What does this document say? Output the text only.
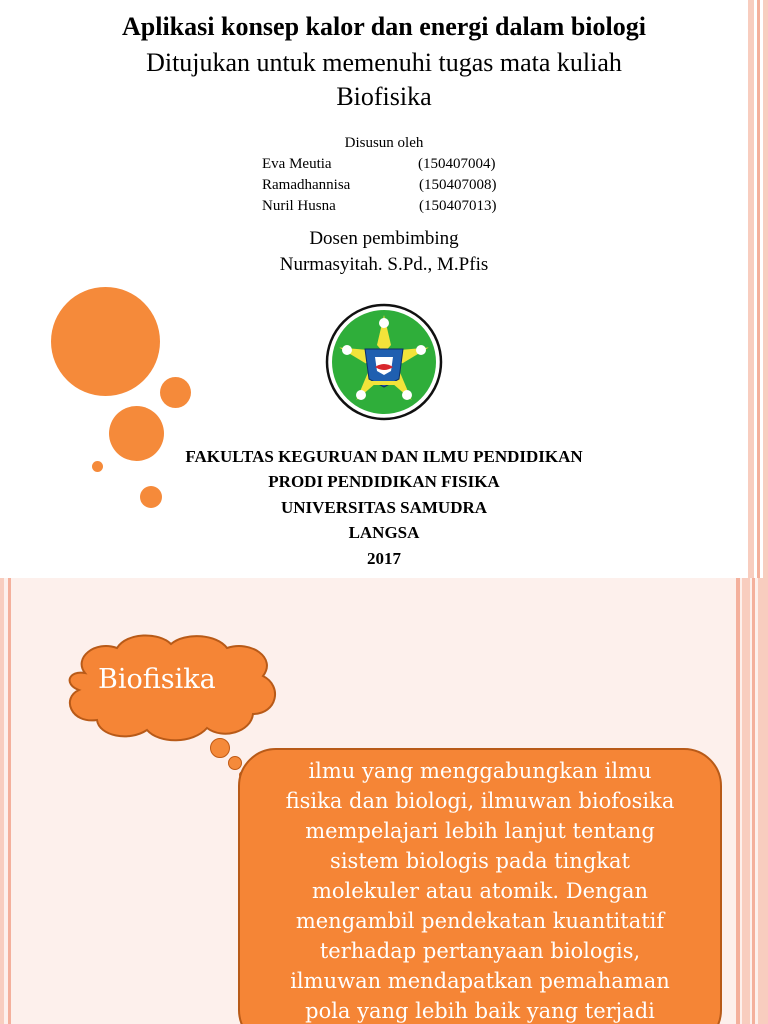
Aplikasi konsep kalor dan energi dalam biologi
Ditujukan untuk memenuhi tugas mata kuliah
Biofisika
Disusun oleh
Eva Meutia	(150407004)
Ramadhannisa	(150407008)
Nuril Husna	(150407013)
Dosen pembimbing
Nurmasyitah. S.Pd., M.Pfis
FAKULTAS KEGURUAN DAN ILMU PENDIDIKAN
PRODI PENDIDIKAN FISIKA
UNIVERSITAS SAMUDRA
LANGSA
2017
Biofisika
ilmu yang menggabungkan ilmu
fisika dan biologi, ilmuwan biofosika
mempelajari lebih lanjut tentang
sistem biologis pada tingkat
molekuler atau atomik. Dengan
mengambil pendekatan kuantitatif
terhadap pertanyaan biologis,
ilmuwan mendapatkan pemahaman
pola yang lebih baik yang terjadi
